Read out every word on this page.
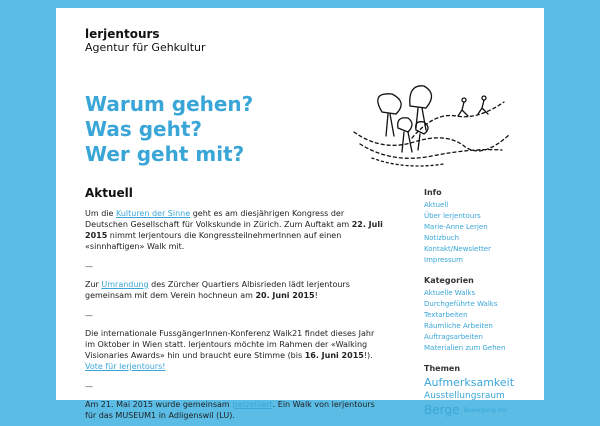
lerjentours
Agentur für Gehkultur
Warum gehen?
Was geht?
Wer geht mit?
Aktuell

Um die Kulturen der Sinne geht es am diesjährigen Kongress der Deutschen Gesellschaft für Volkskunde in Zürich. Zum Auftakt am 22. Juli 2015 nimmt lerjentours die KongressteilnehmerInnen auf einen «sinnhaftigen» Walk mit.

—

Zur Umrandung des Zürcher Quartiers Albisrieden lädt lerjentours gemeinsam mit dem Verein hochneun am 20. Juni 2015!

—

Die internationale FussgängerInnen-Konferenz Walk21 findet dieses Jahr im Oktober in Wien statt. lerjentours möchte im Rahmen der «Walking Visionaries Awards» hin und braucht eure Stimme (bis 16. Juni 2015!). Vote für lerjentours!

—

Am 21. Mai 2015 wurde gemeinsam parzelliert. Ein Walk von lerjentours für das MUSEUM1 in Adligenswil (LU).

Info
Aktuell
Über lerjentours
Marie-Anne Lerjen
Notizbuch
Kontakt/Newsletter
Impressum
Kategorien
Aktuelle Walks
Durchgeführte Walks
Textarbeiten
Räumliche Arbeiten
Auftragsarbeiten
Materialien zum Gehen
Themen
Aufmerksamkeit
Ausstellungsraum
Berge Bewegung der
